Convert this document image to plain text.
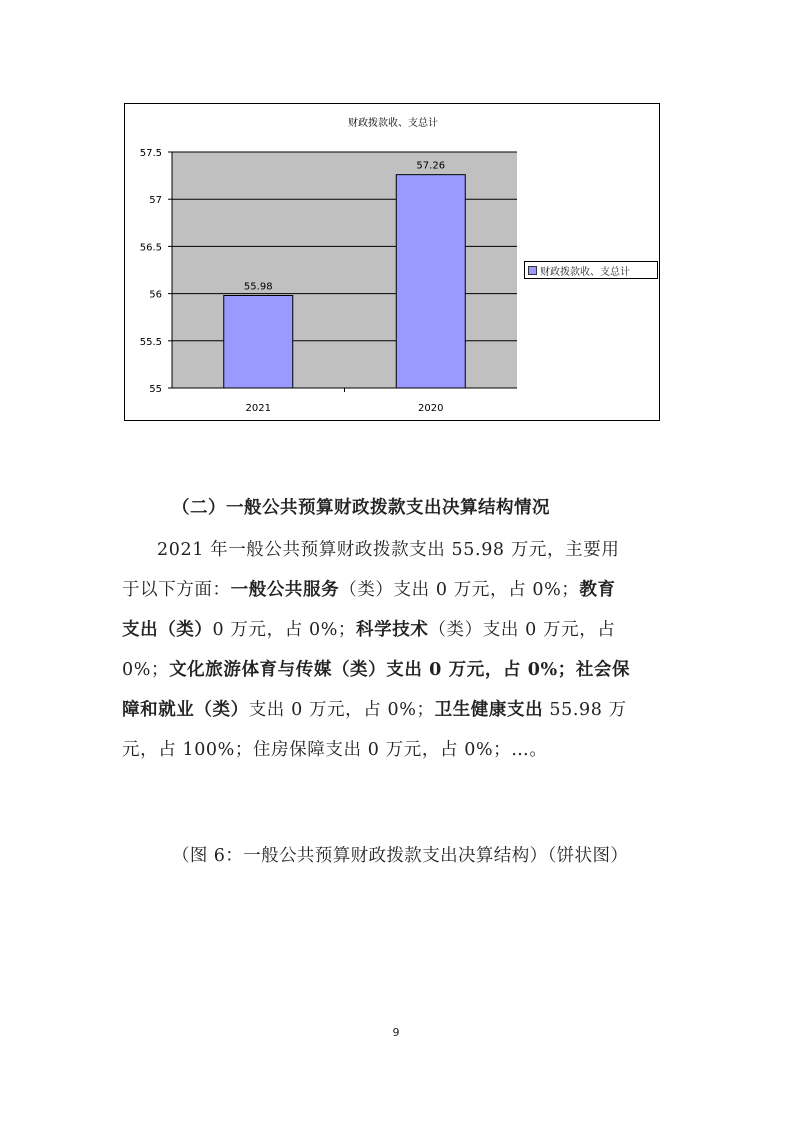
财政拨款收、支总计
55
55.5
56
56.5
57
57.5
55.98
2021
57.26
2020
财政拨款收、支总计
（二）一般公共预算财政拨款支出决算结构情况
2021 年一般公共预算财政拨款支出 55.98 万元，主要用
于以下方面：一般公共服务（类）支出 0 万元，占 0%；教育
支出（类）0 万元，占 0%；科学技术（类）支出 0 万元，占
0%；文化旅游体育与传媒（类）支出 0 万元，占 0%；社会保
障和就业（类）支出 0 万元，占 0%；卫生健康支出 55.98 万
元，占 100%；住房保障支出 0 万元，占 0%；…。
（图 6：一般公共预算财政拨款支出决算结构）（饼状图）
9
